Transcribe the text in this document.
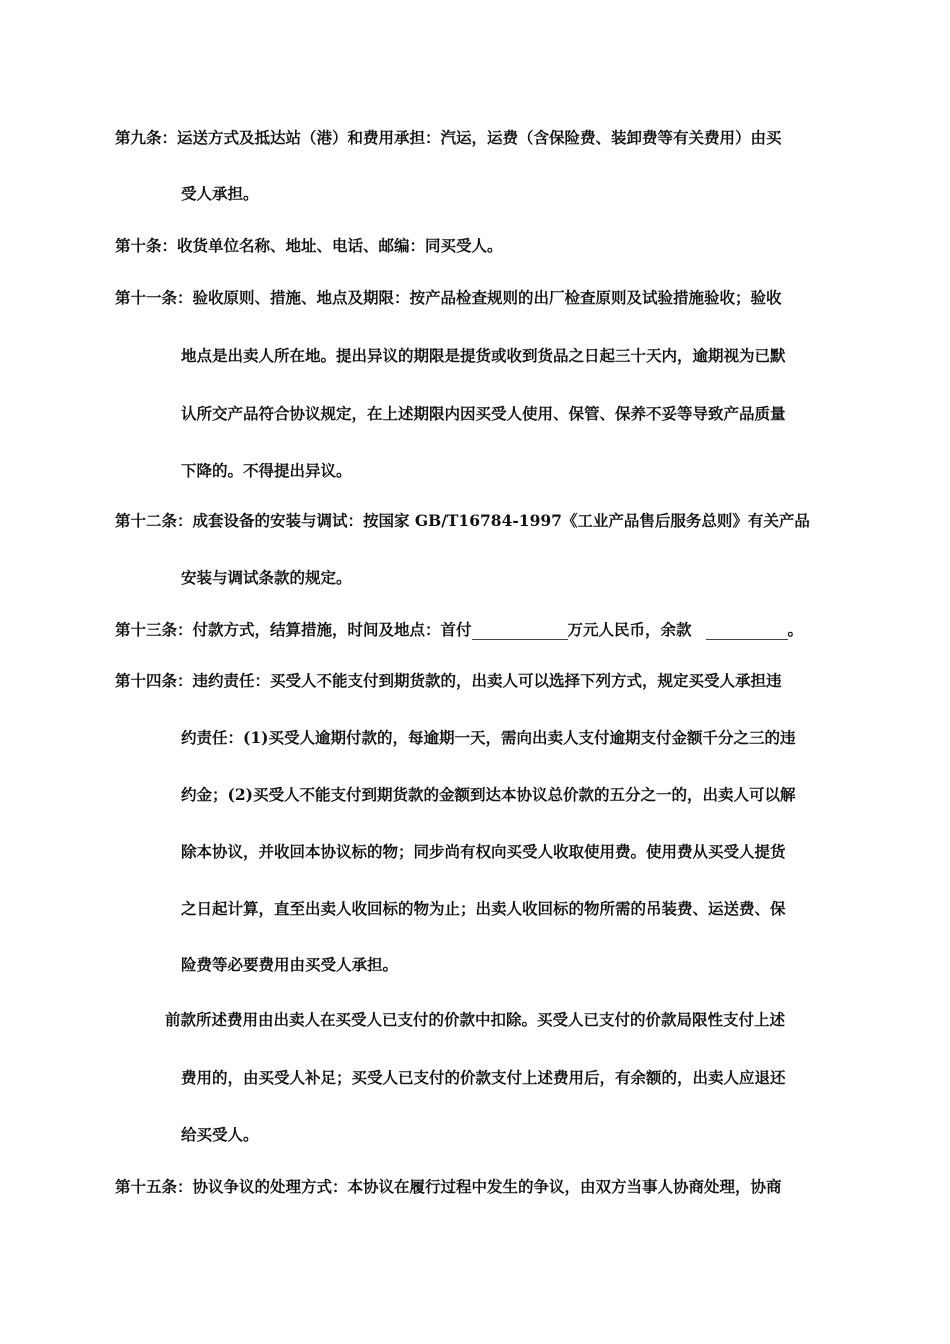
第九条：运送方式及抵达站（港）和费用承担：汽运，运费（含保险费、装卸费等有关费用）由买
受人承担。
第十条：收货单位名称、地址、电话、邮编：同买受人。
第十一条：验收原则、措施、地点及期限：按产品检查规则的出厂检查原则及试验措施验收；验收
地点是出卖人所在地。提出异议的期限是提货或收到货品之日起三十天内，逾期视为已默
认所交产品符合协议规定，在上述期限内因买受人使用、保管、保养不妥等导致产品质量
下降的。不得提出异议。
第十二条：成套设备的安装与调试：按国家 GB/T16784-1997《工业产品售后服务总则》有关产品
安装与调试条款的规定。
第十三条：付款方式，结算措施，时间及地点：首付	万元人民币，余款	。
第十四条：违约责任：买受人不能支付到期货款的，出卖人可以选择下列方式，规定买受人承担违
约责任：(1)买受人逾期付款的，每逾期一天，需向出卖人支付逾期支付金额千分之三的违
约金；(2)买受人不能支付到期货款的金额到达本协议总价款的五分之一的，出卖人可以解
除本协议，并收回本协议标的物；同步尚有权向买受人收取使用费。使用费从买受人提货
之日起计算，直至出卖人收回标的物为止；出卖人收回标的物所需的吊装费、运送费、保
险费等必要费用由买受人承担。
前款所述费用由出卖人在买受人已支付的价款中扣除。买受人已支付的价款局限性支付上述
费用的，由买受人补足；买受人已支付的价款支付上述费用后，有余额的，出卖人应退还
给买受人。
第十五条：协议争议的处理方式：本协议在履行过程中发生的争议，由双方当事人协商处理，协商
